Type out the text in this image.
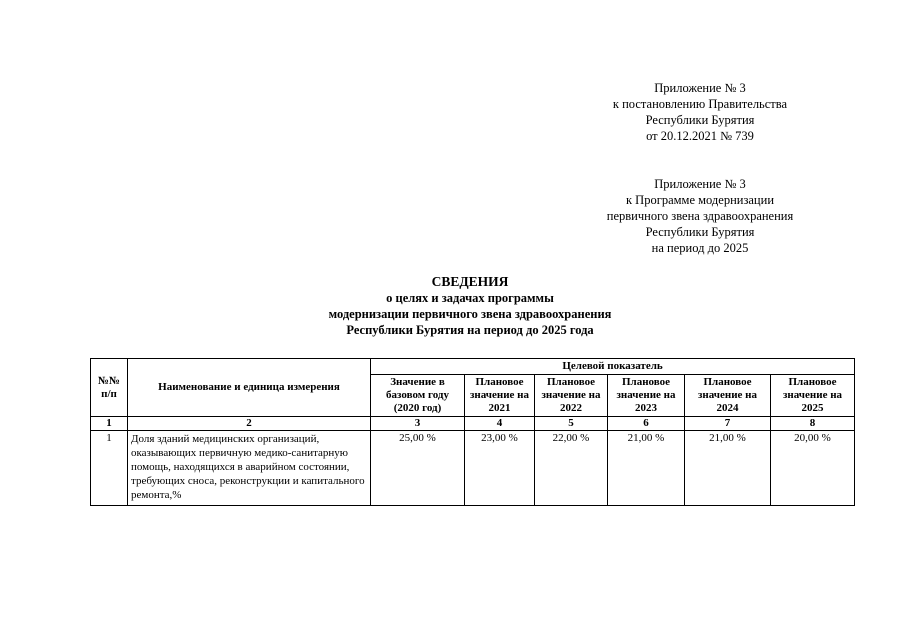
Приложение № 3
к постановлению Правительства
Республики Бурятия
от 20.12.2021 № 739
Приложение № 3
к Программе модернизации
первичного звена здравоохранения
Республики Бурятия
на период до 2025
СВЕДЕНИЯ
о целях и задачах программы
модернизации первичного звена здравоохранения
Республики Бурятия на период до 2025 года
№№ п/п	Наименование и единица измерения	Целевой показатель					
		Значение в базовом году (2020 год)	Плановое значение на 2021	Плановое значение на 2022	Плановое значение на 2023	Плановое значение на 2024	Плановое значение на 2025
1	2	3	4	5	6	7	8
1	Доля зданий медицинских организаций, оказывающих первичную медико-санитарную помощь, находящихся в аварийном состоянии, требующих сноса, реконструкции и капитального ремонта,%	25,00 %	23,00 %	22,00 %	21,00 %	21,00 %	20,00 %
